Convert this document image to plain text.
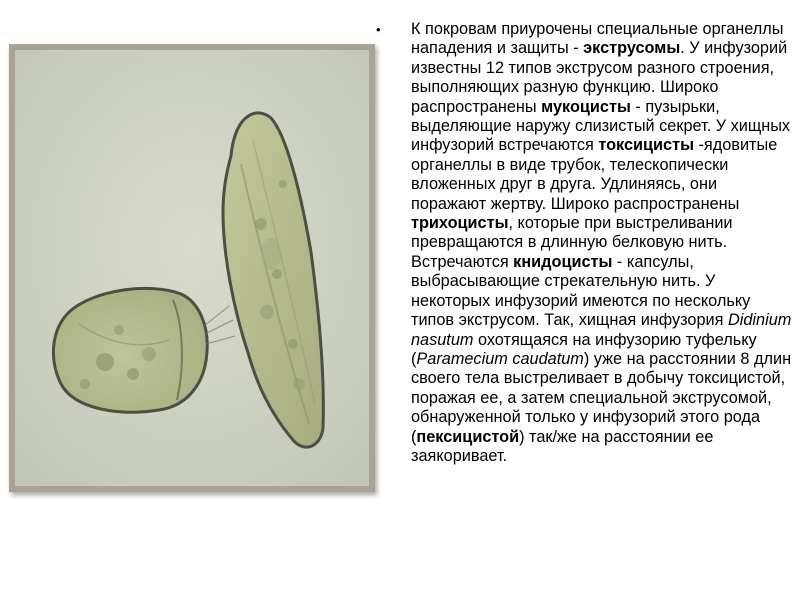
• К покровам приурочены специальные органеллы нападения и защиты - экструсомы. У инфузорий известны 12 типов экструсом разного строения, выполняющих разную функцию. Широко распространены мукоцисты - пузырьки, выделяющие наружу слизистый секрет. У хищных инфузорий встречаются токсицисты -ядовитые органеллы в виде трубок, телескопически вложенных друг в друга. Удлиняясь, они поражают жертву. Широко распространены трихоцисты, которые при выстреливании превращаются в длинную белковую нить. Встречаются книдоцисты - капсулы, выбрасывающие стрекательную нить. У некоторых инфузорий имеются по нескольку типов экструсом. Так, хищная инфузория Didinium nasutum охотящаяся на инфузорию туфельку (Paramecium caudatum) уже на расстоянии 8 длин своего тела выстреливает в добычу токсицистой, поражая ее, а затем специальной экструсомой, обнаруженной только у инфузорий этого рода (пексицистой) так/же на расстоянии ее заякоривает.
